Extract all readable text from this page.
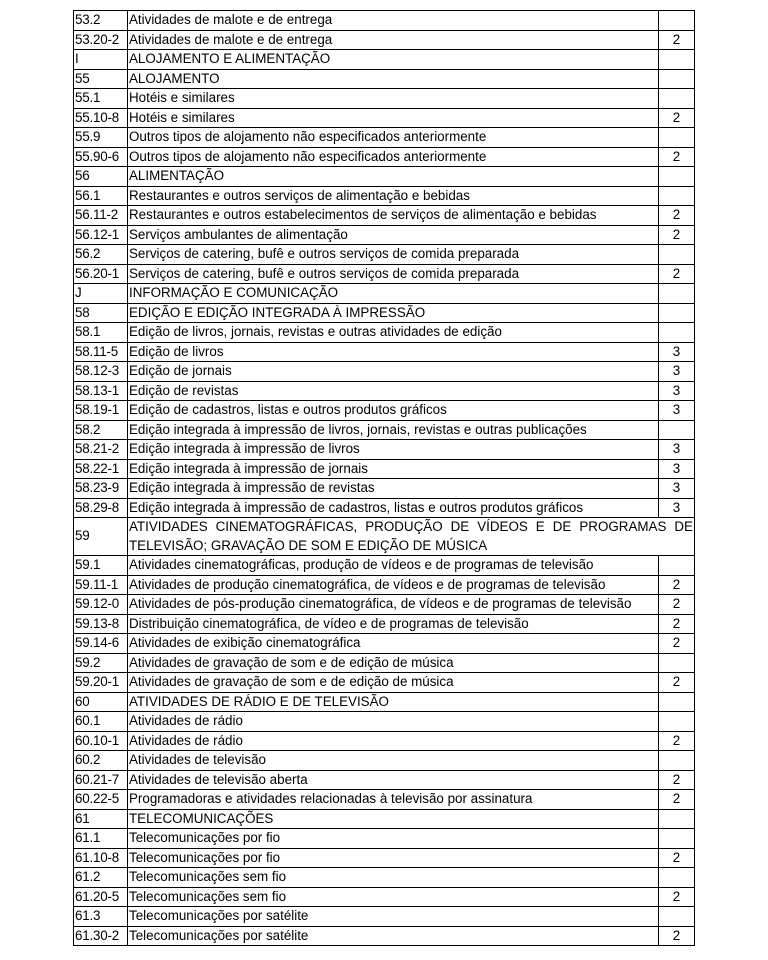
53.2	Atividades de malote e de entrega	
53.20-2	Atividades de malote e de entrega	2
I	ALOJAMENTO E ALIMENTAÇÃO	
55	ALOJAMENTO	
55.1	Hotéis e similares	
55.10-8	Hotéis e similares	2
55.9	Outros tipos de alojamento não especificados anteriormente	
55.90-6	Outros tipos de alojamento não especificados anteriormente	2
56	ALIMENTAÇÃO	
56.1	Restaurantes e outros serviços de alimentação e bebidas	
56.11-2	Restaurantes e outros estabelecimentos de serviços de alimentação e bebidas	2
56.12-1	Serviços ambulantes de alimentação	2
56.2	Serviços de catering, bufê e outros serviços de comida preparada	
56.20-1	Serviços de catering, bufê e outros serviços de comida preparada	2
J	INFORMAÇÃO E COMUNICAÇÃO	
58	EDIÇÃO E EDIÇÃO INTEGRADA À IMPRESSÃO	
58.1	Edição de livros, jornais, revistas e outras atividades de edição	
58.11-5	Edição de livros	3
58.12-3	Edição de jornais	3
58.13-1	Edição de revistas	3
58.19-1	Edição de cadastros, listas e outros produtos gráficos	3
58.2	Edição integrada à impressão de livros, jornais, revistas e outras publicações	
58.21-2	Edição integrada à impressão de livros	3
58.22-1	Edição integrada à impressão de jornais	3
58.23-9	Edição integrada à impressão de revistas	3
58.29-8	Edição integrada à impressão de cadastros, listas e outros produtos gráficos	3
59	ATIVIDADES CINEMATOGRÁFICAS, PRODUÇÃO DE VÍDEOS E DE PROGRAMAS DE
TELEVISÃO; GRAVAÇÃO DE SOM E EDIÇÃO DE MÚSICA	
59.1	Atividades cinematográficas, produção de vídeos e de programas de televisão	
59.11-1	Atividades de produção cinematográfica, de vídeos e de programas de televisão	2
59.12-0	Atividades de pós-produção cinematográfica, de vídeos e de programas de televisão	2
59.13-8	Distribuição cinematográfica, de vídeo e de programas de televisão	2
59.14-6	Atividades de exibição cinematográfica	2
59.2	Atividades de gravação de som e de edição de música	
59.20-1	Atividades de gravação de som e de edição de música	2
60	ATIVIDADES DE RÁDIO E DE TELEVISÃO	
60.1	Atividades de rádio	
60.10-1	Atividades de rádio	2
60.2	Atividades de televisão	
60.21-7	Atividades de televisão aberta	2
60.22-5	Programadoras e atividades relacionadas à televisão por assinatura	2
61	TELECOMUNICAÇÕES	
61.1	Telecomunicações por fio	
61.10-8	Telecomunicações por fio	2
61.2	Telecomunicações sem fio	
61.20-5	Telecomunicações sem fio	2
61.3	Telecomunicações por satélite	
61.30-2	Telecomunicações por satélite	2
